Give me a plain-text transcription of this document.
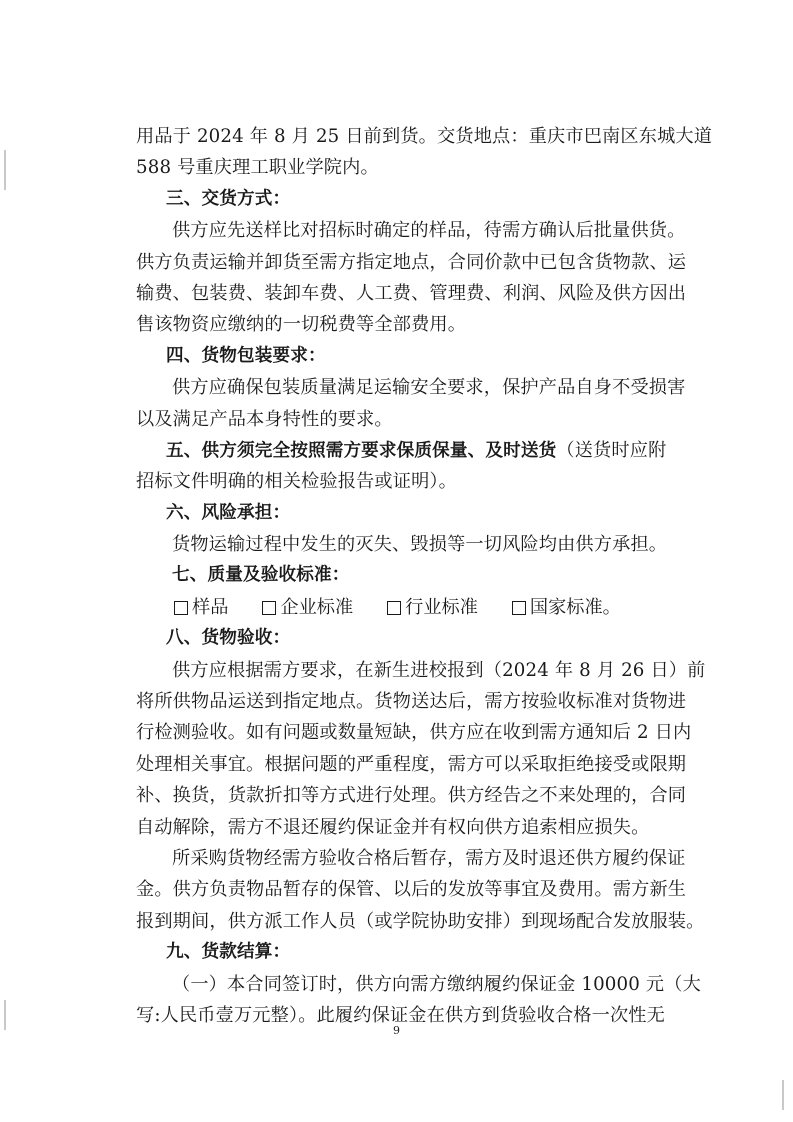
用品于 2024 年 8 月 25 日前到货。交货地点：重庆市巴南区东城大道
588 号重庆理工职业学院内。
三、交货方式：
供方应先送样比对招标时确定的样品，待需方确认后批量供货。
供方负责运输并卸货至需方指定地点，合同价款中已包含货物款、运
输费、包装费、装卸车费、人工费、管理费、利润、风险及供方因出
售该物资应缴纳的一切税费等全部费用。
四、货物包装要求：
供方应确保包装质量满足运输安全要求，保护产品自身不受损害
以及满足产品本身特性的要求。
五、供方须完全按照需方要求保质保量、及时送货（送货时应附
招标文件明确的相关检验报告或证明）。
六、风险承担：
货物运输过程中发生的灭失、毁损等一切风险均由供方承担。
七、质量及验收标准：
样品	企业标准	行业标准	国家标准。
八、货物验收：
供方应根据需方要求，在新生进校报到（2024 年 8 月 26 日）前
将所供物品运送到指定地点。货物送达后，需方按验收标准对货物进
行检测验收。如有问题或数量短缺，供方应在收到需方通知后 2 日内
处理相关事宜。根据问题的严重程度，需方可以采取拒绝接受或限期
补、换货，货款折扣等方式进行处理。供方经告之不来处理的，合同
自动解除，需方不退还履约保证金并有权向供方追索相应损失。
所采购货物经需方验收合格后暂存，需方及时退还供方履约保证
金。供方负责物品暂存的保管、以后的发放等事宜及费用。需方新生
报到期间，供方派工作人员（或学院协助安排）到现场配合发放服装。
九、货款结算：
（一）本合同签订时，供方向需方缴纳履约保证金 10000 元（大
写:人民币壹万元整）。此履约保证金在供方到货验收合格一次性无
9
